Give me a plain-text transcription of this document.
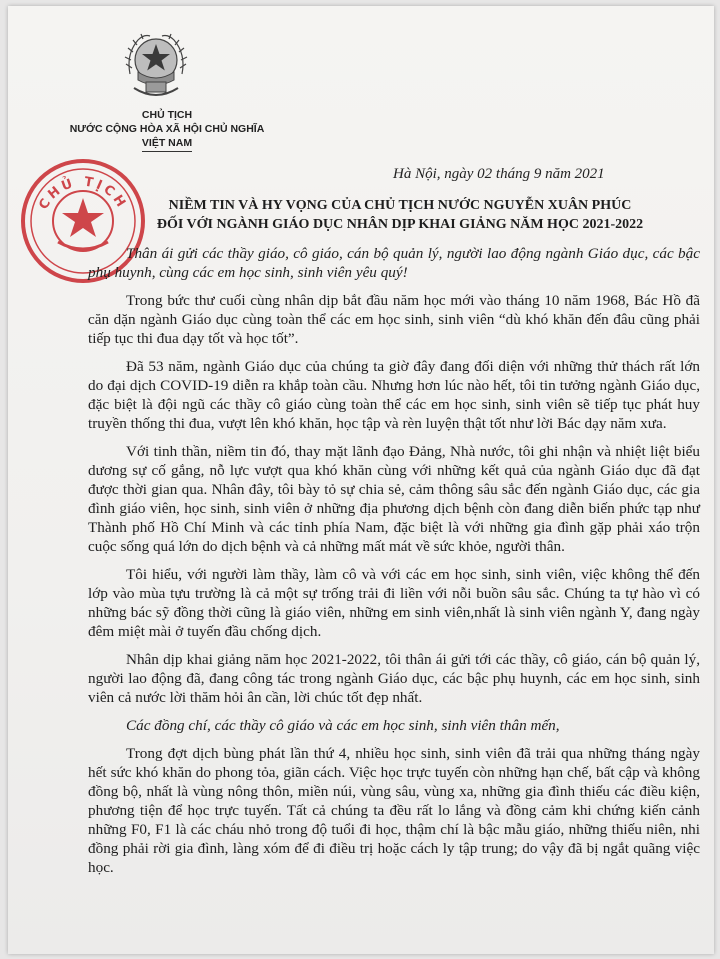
CHỦ TỊCH
NƯỚC CỘNG HÒA XÃ HỘI CHỦ NGHĨA
VIỆT NAM
CHỦ TỊCH
Hà Nội, ngày 02 tháng 9 năm 2021
NIỀM TIN VÀ HY VỌNG CỦA CHỦ TỊCH NƯỚC NGUYỄN XUÂN PHÚC
ĐỐI VỚI NGÀNH GIÁO DỤC NHÂN DỊP KHAI GIẢNG NĂM HỌC 2021-2022

Thân ái gửi các thầy giáo, cô giáo, cán bộ quản lý, người lao động ngành Giáo dục, các bậc phụ huynh, cùng các em học sinh, sinh viên yêu quý!

Trong bức thư cuối cùng nhân dịp bắt đầu năm học mới vào tháng 10 năm 1968, Bác Hồ đã căn dặn ngành Giáo dục cùng toàn thể các em học sinh, sinh viên “dù khó khăn đến đâu cũng phải tiếp tục thi đua dạy tốt và học tốt”.

Đã 53 năm, ngành Giáo dục của chúng ta giờ đây đang đối diện với những thử thách rất lớn do đại dịch COVID-19 diễn ra khắp toàn cầu. Nhưng hơn lúc nào hết, tôi tin tưởng ngành Giáo dục, đặc biệt là đội ngũ các thầy cô giáo cùng toàn thể các em học sinh, sinh viên sẽ tiếp tục phát huy truyền thống thi đua, vượt lên khó khăn, học tập và rèn luyện thật tốt như lời Bác dạy năm xưa.

Với tinh thần, niềm tin đó, thay mặt lãnh đạo Đảng, Nhà nước, tôi ghi nhận và nhiệt liệt biểu dương sự cố gắng, nỗ lực vượt qua khó khăn cùng với những kết quả của ngành Giáo dục đã đạt được thời gian qua. Nhân đây, tôi bày tỏ sự chia sẻ, cảm thông sâu sắc đến ngành Giáo dục, các gia đình giáo viên, học sinh, sinh viên ở những địa phương dịch bệnh còn đang diễn biến phức tạp như Thành phố Hồ Chí Minh và các tỉnh phía Nam, đặc biệt là với những gia đình gặp phải xáo trộn cuộc sống quá lớn do dịch bệnh và cả những mất mát về sức khỏe, người thân.

Tôi hiểu, với người làm thầy, làm cô và với các em học sinh, sinh viên, việc không thể đến lớp vào mùa tựu trường là cả một sự trống trải đi liền với nỗi buồn sâu sắc. Chúng ta tự hào vì có những bác sỹ đồng thời cũng là giáo viên, những em sinh viên,nhất là sinh viên ngành Y, đang ngày đêm miệt mài ở tuyến đầu chống dịch.

Nhân dịp khai giảng năm học 2021-2022, tôi thân ái gửi tới các thầy, cô giáo, cán bộ quản lý, người lao động đã, đang công tác trong ngành Giáo dục, các bậc phụ huynh, các em học sinh, sinh viên cả nước lời thăm hỏi ân cần, lời chúc tốt đẹp nhất.

Các đồng chí, các thầy cô giáo và các em học sinh, sinh viên thân mến,

Trong đợt dịch bùng phát lần thứ 4, nhiều học sinh, sinh viên đã trải qua những tháng ngày hết sức khó khăn do phong tỏa, giãn cách. Việc học trực tuyến còn những hạn chế, bất cập và không đồng bộ, nhất là vùng nông thôn, miền núi, vùng sâu, vùng xa, những gia đình thiếu các điều kiện, phương tiện để học trực tuyến. Tất cả chúng ta đều rất lo lắng và đồng cảm khi chứng kiến cảnh những F0, F1 là các cháu nhỏ trong độ tuổi đi học, thậm chí là bậc mẫu giáo, những thiếu niên, nhi đồng phải rời gia đình, làng xóm để đi điều trị hoặc cách ly tập trung; do vậy đã bị ngắt quãng việc học.
